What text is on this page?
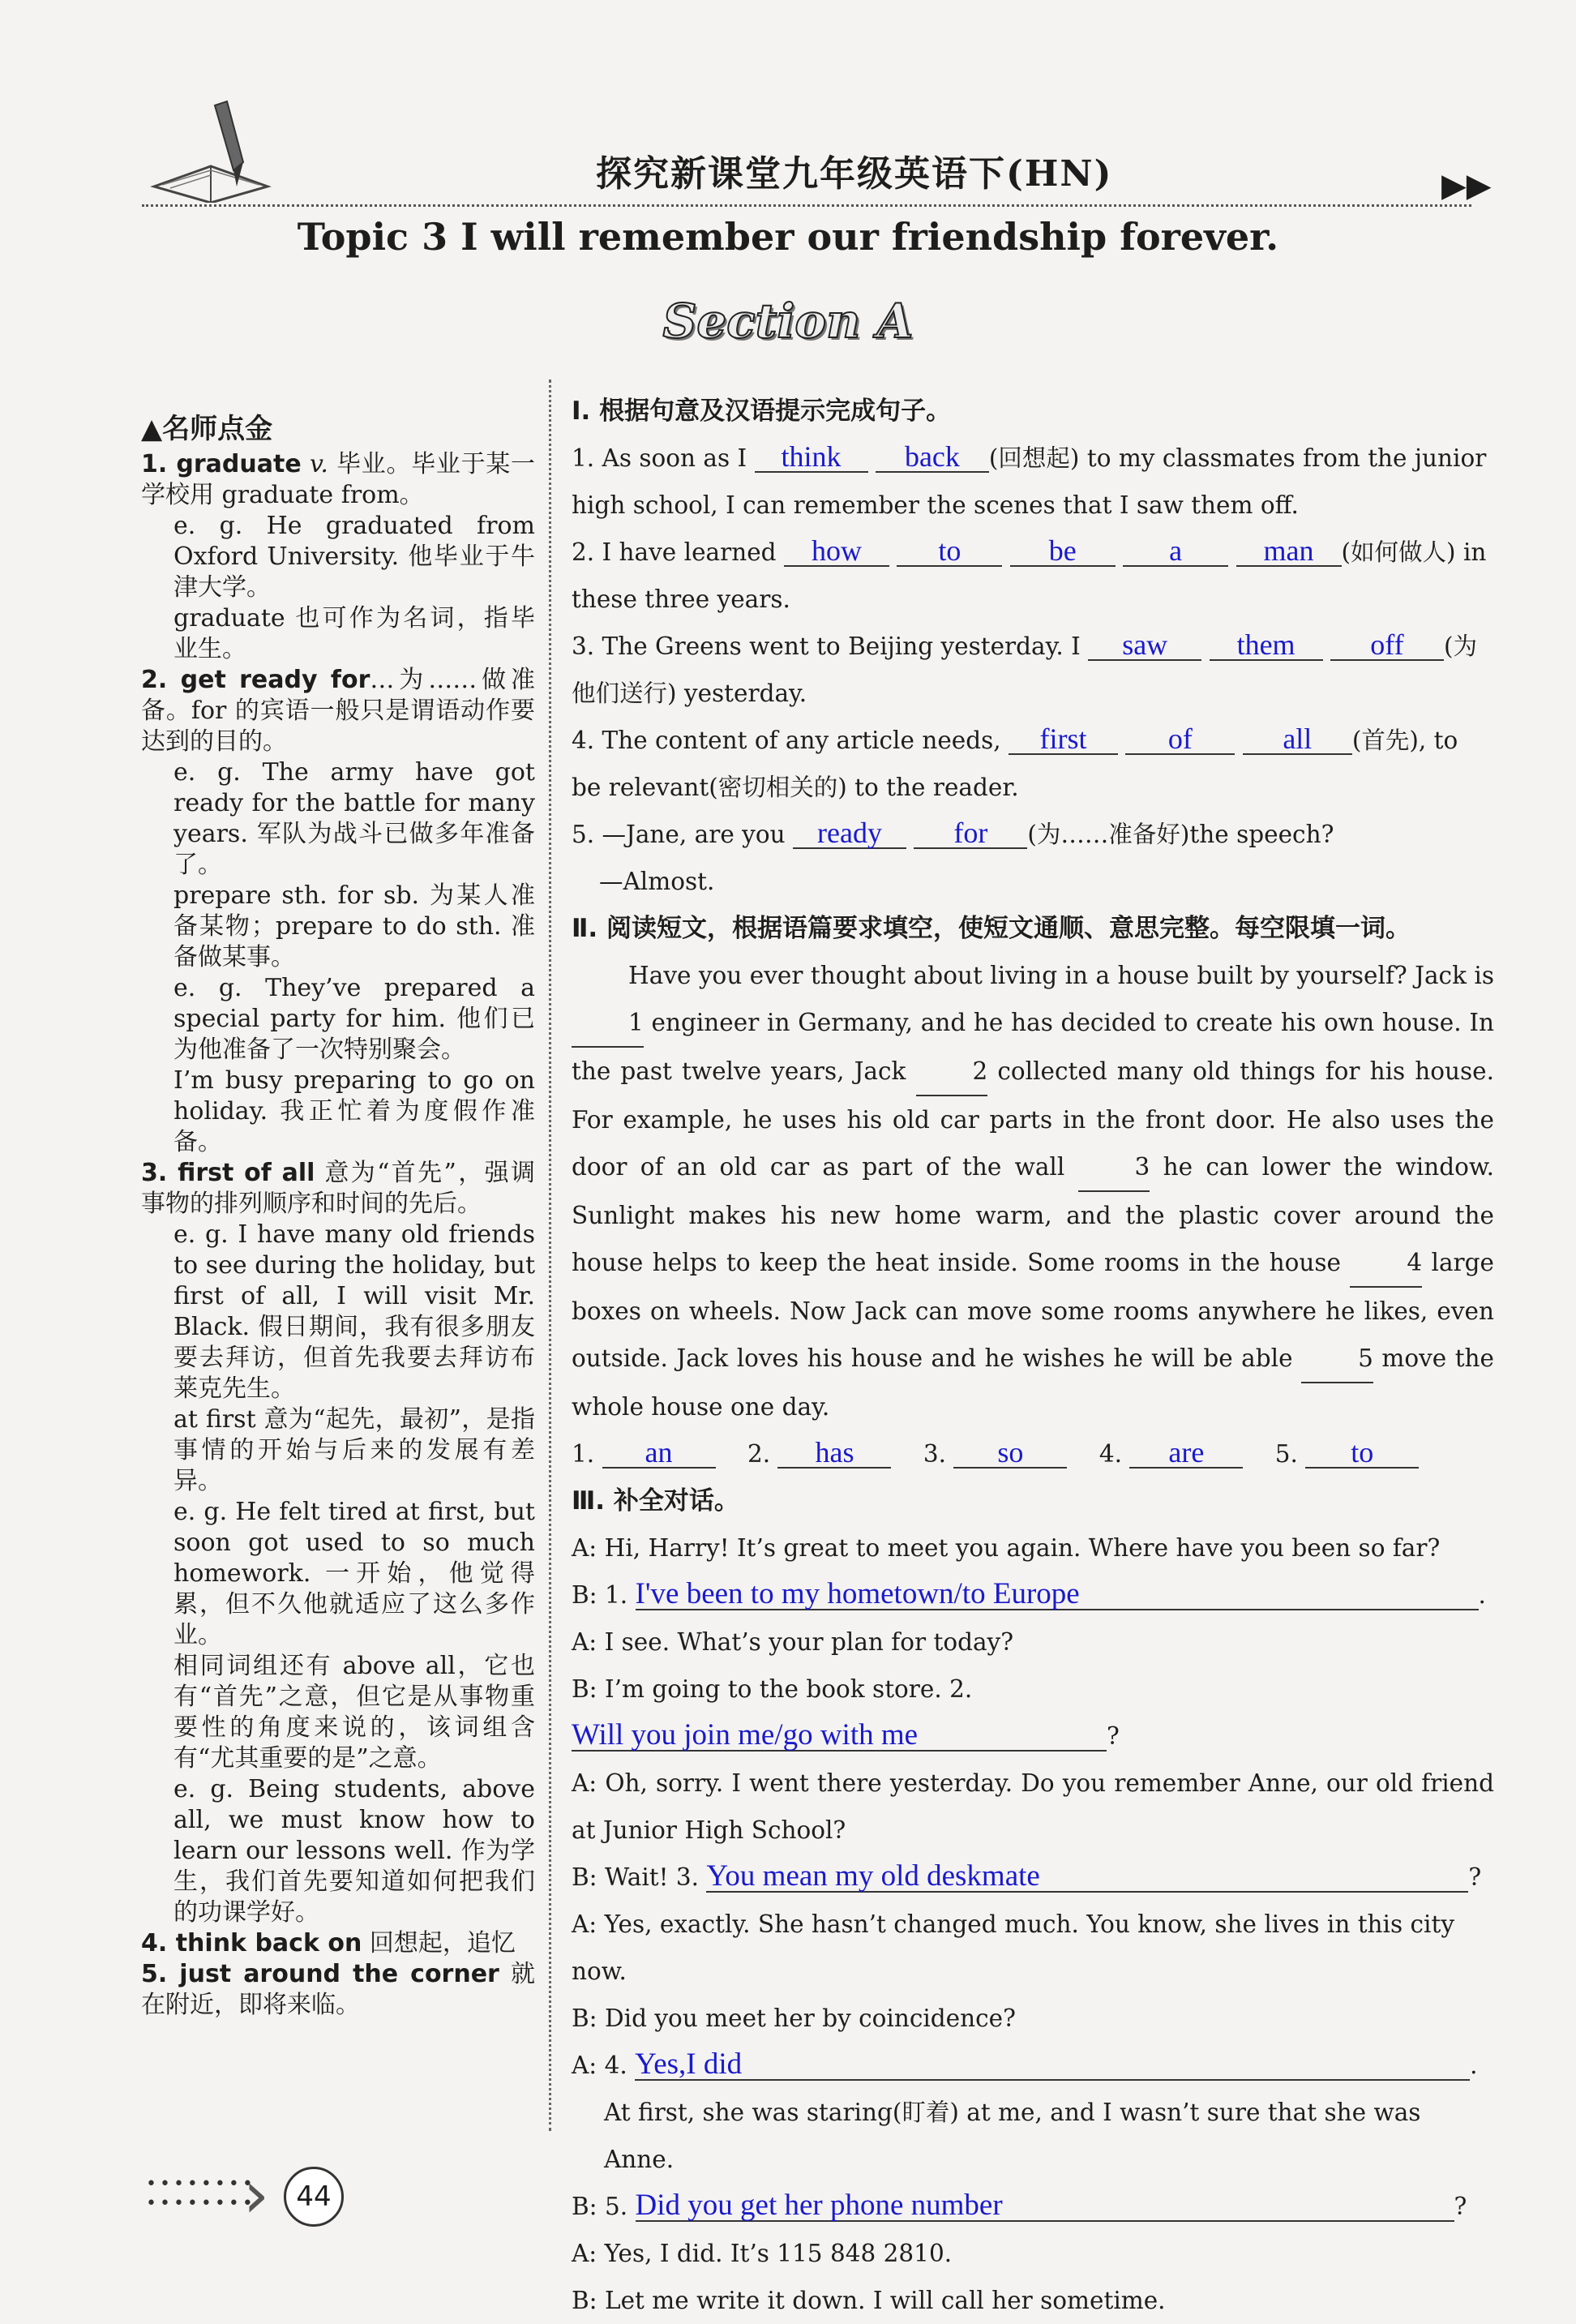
探究新课堂九年级英语下(HN)	▶▶
Topic 3 I will remember our friendship forever.
Section A
▲名师点金
1. graduate v. 毕业。毕业于某一学校用 graduate from。
e. g. He graduated from Oxford University. 他毕业于牛津大学。
graduate 也可作为名词，指毕业生。
2. get ready for…为……做准备。for 的宾语一般只是谓语动作要达到的目的。
e. g. The army have got ready for the battle for many years. 军队为战斗已做多年准备了。
prepare sth. for sb. 为某人准备某物；prepare to do sth. 准备做某事。
e. g. They’ve prepared a special party for him. 他们已为他准备了一次特别聚会。
I’m busy preparing to go on holiday. 我正忙着为度假作准备。
3. first of all 意为“首先”，强调事物的排列顺序和时间的先后。
e. g. I have many old friends to see during the holiday, but first of all, I will visit Mr. Black. 假日期间，我有很多朋友要去拜访，但首先我要去拜访布莱克先生。
at first 意为“起先，最初”，是指事情的开始与后来的发展有差异。
e. g. He felt tired at first, but soon got used to so much homework. 一开始，他觉得累，但不久他就适应了这么多作业。
相同词组还有 above all，它也有“首先”之意，但它是从事物重要性的角度来说的，该词组含有“尤其重要的是”之意。
e. g. Being students, above all, we must know how to learn our lessons well. 作为学生，我们首先要知道如何把我们的功课学好。
4. think back on 回想起，追忆
5. just around the corner 就在附近，即将来临。
Ⅰ. 根据句意及汉语提示完成句子。
1. As soon as I think back (回想起) to my classmates from the junior high school, I can remember the scenes that I saw them off.
2. I have learned how	to	be	a	man (如何做人) in these three years.
3. The Greens went to Beijing yesterday. I saw them	off (为他们送行) yesterday.
4. The content of any article needs, first	of	all (首先), to be relevant(密切相关的) to the reader.
5. —Jane, are you ready for (为……准备好)the speech?
—Almost.
Ⅱ. 阅读短文，根据语篇要求填空，使短文通顺、意思完整。每空限填一词。
Have you ever thought about living in a house built by yourself? Jack is 1 engineer in Germany, and he has decided to create his own house. In the past twelve years, Jack	2 collected many old things for his house. For example, he uses his old car parts in the front door. He also uses the door of an old car as part of the wall	3 he can lower the window. Sunlight makes his new home warm, and the plastic cover around the house helps to keep the heat inside. Some rooms in the house	4 large boxes on wheels. Now Jack can move some rooms anywhere he likes, even outside. Jack loves his house and he wishes he will be able	5 move the whole house one day.
1. an	2. has	3. so	4. are	5. to
Ⅲ. 补全对话。
A: Hi, Harry! It’s great to meet you again. Where have you been so far?
B: 1. I've been to my hometown/to Europe	.
A: I see. What’s your plan for today?
B: I’m going to the book store. 2. Will you join me/go with me	?
A: Oh, sorry. I went there yesterday. Do you remember Anne, our old friend at Junior High School?
B: Wait! 3. You mean my old deskmate	?
A: Yes, exactly. She hasn’t changed much. You know, she lives in this city now.
B: Did you meet her by coincidence?
A: 4. Yes,I did	.
At first, she was staring(盯着) at me, and I wasn’t sure that she was Anne.
B: 5. Did you get her phone number	?
A: Yes, I did. It’s 115 848 2810.
B: Let me write it down. I will call her sometime.
••••••••
••••••••
› 44
